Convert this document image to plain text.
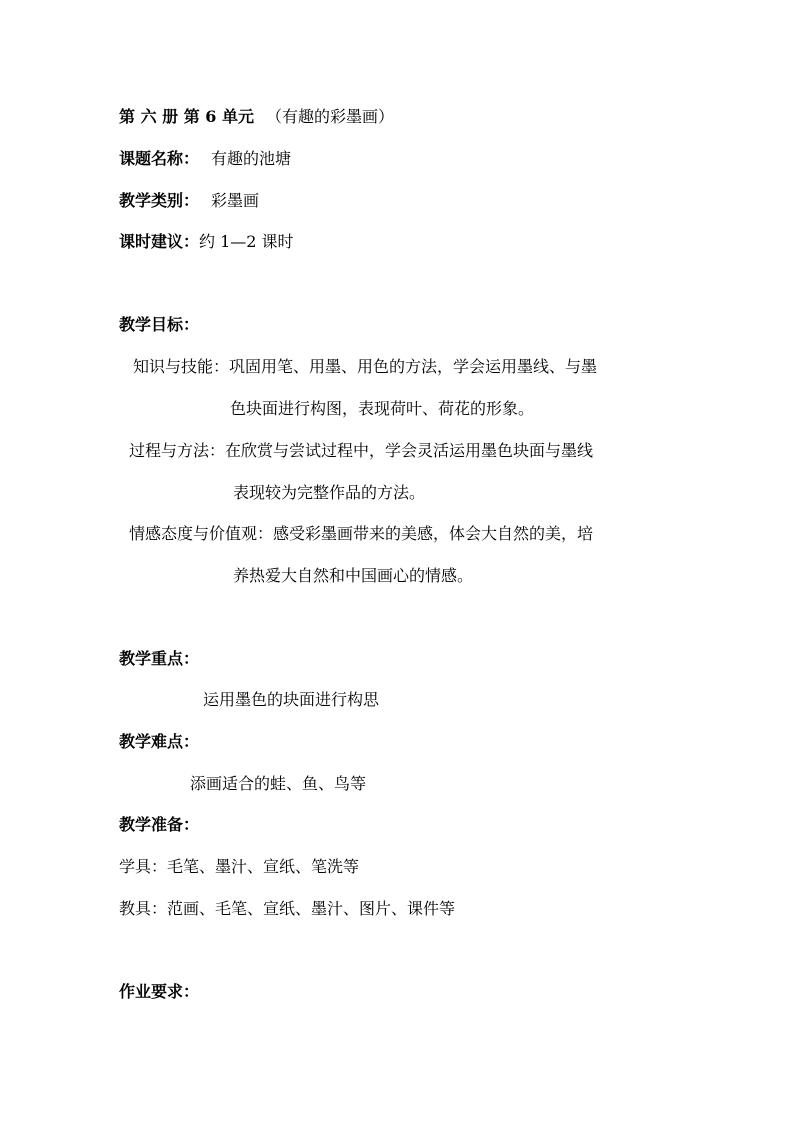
第 六 册 第 6 单元 （有趣的彩墨画）
课题名称： 有趣的池塘
教学类别： 彩墨画
课时建议：约 1—2 课时
教学目标：
知识与技能：巩固用笔、用墨、用色的方法，学会运用墨线、与墨
色块面进行构图，表现荷叶、荷花的形象。
过程与方法：在欣赏与尝试过程中，学会灵活运用墨色块面与墨线
表现较为完整作品的方法。
情感态度与价值观：感受彩墨画带来的美感，体会大自然的美，培
养热爱大自然和中国画心的情感。
教学重点：
运用墨色的块面进行构思
教学难点：
添画适合的蛙、鱼、鸟等
教学准备：
学具：毛笔、墨汁、宣纸、笔洗等
教具：范画、毛笔、宣纸、墨汁、图片、课件等
作业要求：
